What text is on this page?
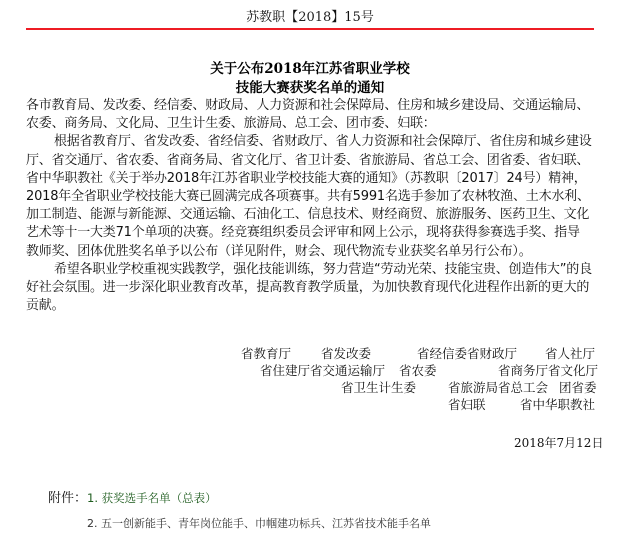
苏教职【2018】15号
关于公布2018年江苏省职业学校
技能大赛获奖名单的通知

各市教育局、发改委、经信委、财政局、人力资源和社会保障局、住房和城乡建设局、交通运输局、农委、商务局、文化局、卫生计生委、旅游局、总工会、团市委、妇联：

根据省教育厅、省发改委、省经信委、省财政厅、省人力资源和社会保障厅、省住房和城乡建设厅、省交通厅、省农委、省商务局、省文化厅、省卫计委、省旅游局、省总工会、团省委、省妇联、省中华职教社《关于举办2018年江苏省职业学校技能大赛的通知》（苏教职〔2017〕24号）精神，2018年全省职业学校技能大赛已圆满完成各项赛事。共有5991名选手参加了农林牧渔、土木水利、加工制造、能源与新能源、交通运输、石油化工、信息技术、财经商贸、旅游服务、医药卫生、文化艺术等十一大类71个单项的决赛。经竞赛组织委员会评审和网上公示，现将获得参赛选手奖、指导教师奖、团体优胜奖名单予以公布（详见附件，财会、现代物流专业获奖名单另行公布）。

希望各职业学校重视实践教学，强化技能训练，努力营造“劳动光荣、技能宝贵、创造伟大”的良好社会氛围。进一步深化职业教育改革，提高教育教学质量，为加快教育现代化进程作出新的更大的贡献。

省教育厅 省发改委	省经信委省财政厅 省人社厅
省住建厅省交通运输厅 省农委	省商务厅省文化厅
省卫生计生委	省旅游局省总工会 团省委
省妇联	省中华职教社
2018年7月12日
附件：1. 获奖选手名单（总表）
2. 五一创新能手、青年岗位能手、巾帼建功标兵、江苏省技术能手名单
